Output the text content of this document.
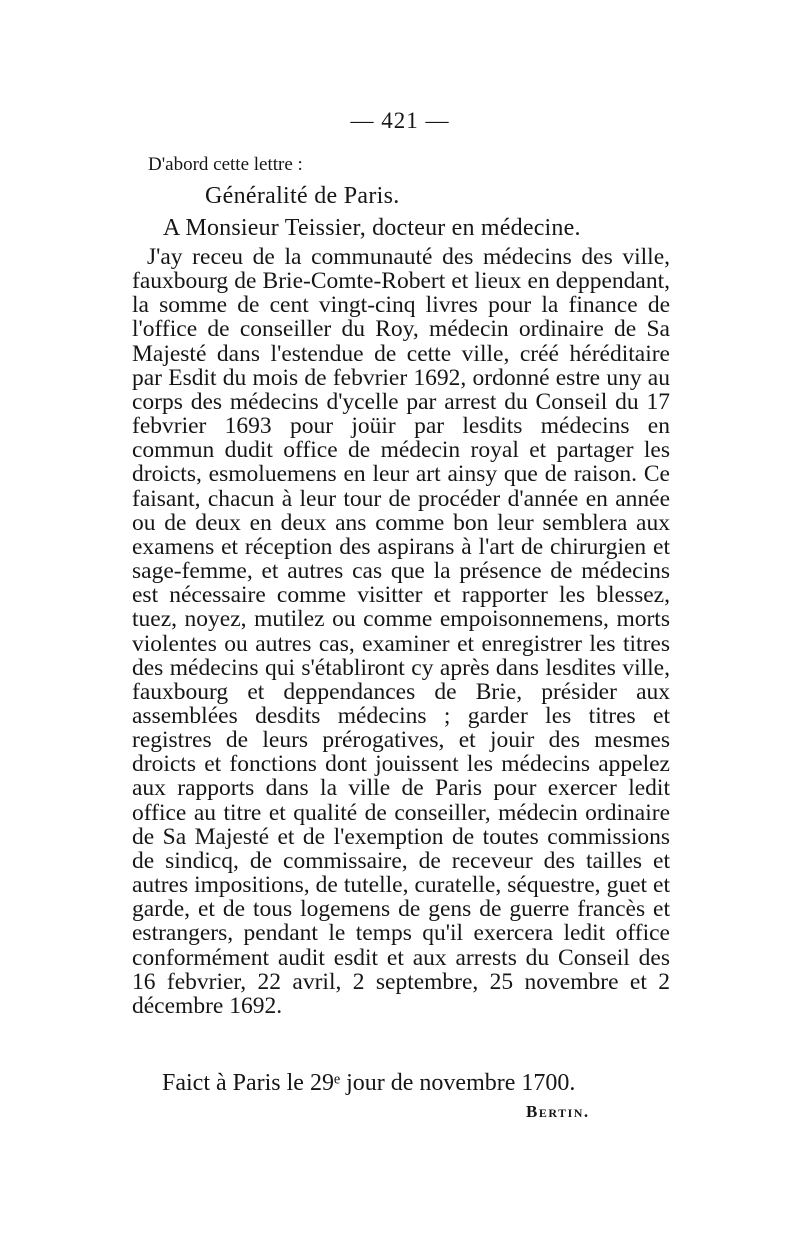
— 421 —
D'abord cette lettre :
Généralité de Paris.
A Monsieur Teissier, docteur en médecine.

J'ay receu de la communauté des médecins des ville, fauxbourg de Brie-Comte-Robert et lieux en deppendant, la somme de cent vingt-cinq livres pour la finance de l'office de conseiller du Roy, médecin ordinaire de Sa Majesté dans l'estendue de cette ville, créé héréditaire par Esdit du mois de febvrier 1692, ordonné estre uny au corps des médecins d'ycelle par arrest du Conseil du 17 febvrier 1693 pour joüir par lesdits médecins en commun dudit office de médecin royal et partager les droicts, esmoluemens en leur art ainsy que de raison. Ce faisant, chacun à leur tour de procéder d'année en année ou de deux en deux ans comme bon leur semblera aux examens et réception des aspirans à l'art de chirurgien et sage-femme, et autres cas que la présence de médecins est nécessaire comme visitter et rapporter les blessez, tuez, noyez, mutilez ou comme empoisonnemens, morts violentes ou autres cas, examiner et enregistrer les titres des médecins qui s'établiront cy après dans lesdites ville, fauxbourg et deppendances de Brie, présider aux assemblées desdits médecins ; garder les titres et registres de leurs prérogatives, et jouir des mesmes droicts et fonctions dont jouissent les médecins appelez aux rapports dans la ville de Paris pour exercer ledit office au titre et qualité de conseiller, médecin ordinaire de Sa Majesté et de l'exemption de toutes commissions de sindicq, de commissaire, de receveur des tailles et autres impositions, de tutelle, curatelle, séquestre, guet et garde, et de tous logemens de gens de guerre francès et estrangers, pendant le temps qu'il exercera ledit office conformément audit esdit et aux arrests du Conseil des 16 febvrier, 22 avril, 2 septembre, 25 novembre et 2 décembre 1692.

Faict à Paris le 29ᵉ jour de novembre 1700.
Bertin.
